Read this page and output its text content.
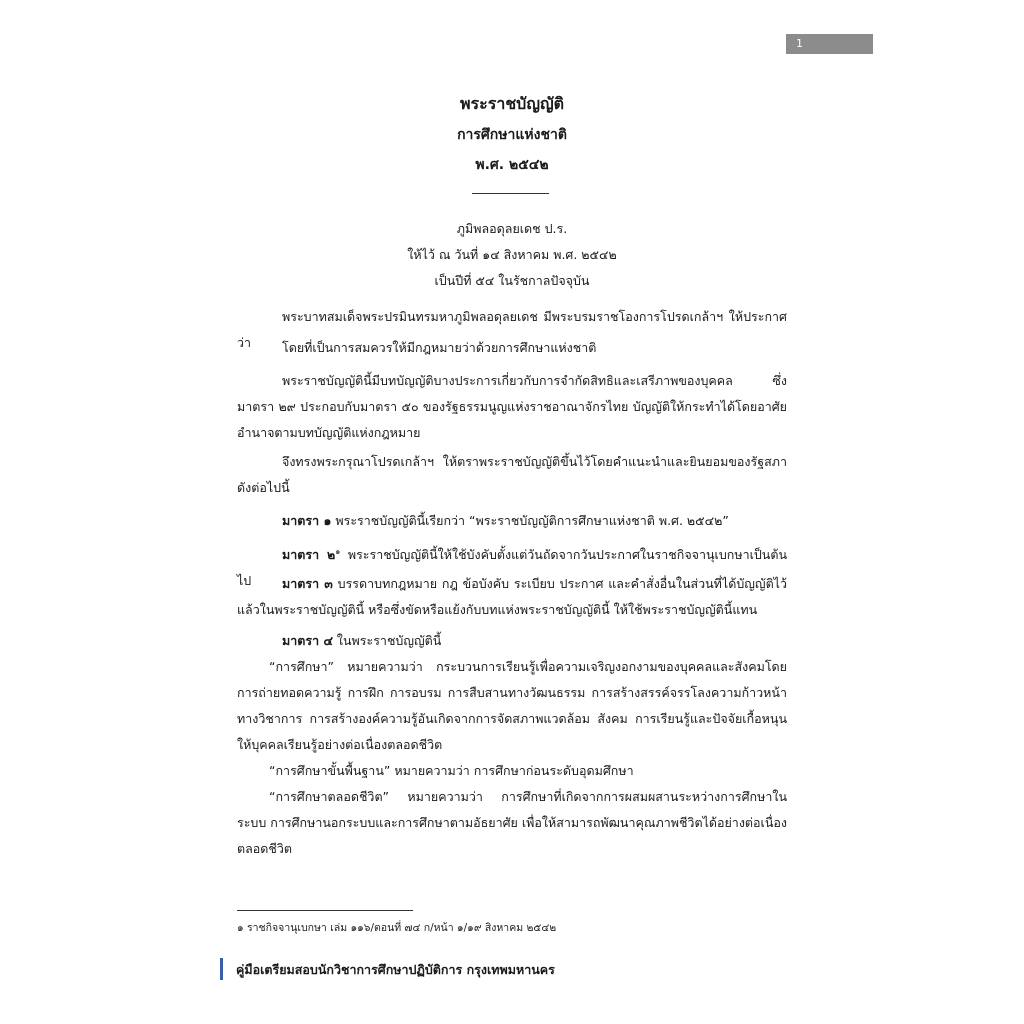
1
พระราชบัญญัติ
การศึกษาแห่งชาติ
พ.ศ. ๒๕๔๒
ภูมิพลอดุลยเดช ป.ร.
ให้ไว้ ณ วันที่ ๑๔ สิงหาคม พ.ศ. ๒๕๔๒
เป็นปีที่ ๕๔ ในรัชกาลปัจจุบัน

พระบาทสมเด็จพระปรมินทรมหาภูมิพลอดุลยเดช มีพระบรมราชโองการโปรดเกล้าฯ ให้ประกาศว่า	โดยที่เป็นการสมควรให้มีกฎหมายว่าด้วยการศึกษาแห่งชาติ

พระราชบัญญัตินี้มีบทบัญญัติบางประการเกี่ยวกับการจำกัดสิทธิและเสรีภาพของบุคคล ซึ่งมาตรา ๒๙ ประกอบกับมาตรา ๕๐ ของรัฐธรรมนูญแห่งราชอาณาจักรไทย บัญญัติให้กระทำได้โดยอาศัยอำนาจตามบทบัญญัติแห่งกฎหมาย

จึงทรงพระกรุณาโปรดเกล้าฯ ให้ตราพระราชบัญญัติขึ้นไว้โดยคำแนะนำและยินยอมของรัฐสภา ดังต่อไปนี้

มาตรา ๑ พระราชบัญญัตินี้เรียกว่า “พระราชบัญญัติการศึกษาแห่งชาติ พ.ศ. ๒๕๔๒”

มาตรา ๒$^๑$ พระราชบัญญัตินี้ให้ใช้บังคับตั้งแต่วันถัดจากวันประกาศในราชกิจจานุเบกษาเป็นต้นไป	มาตรา ๓ บรรดาบทกฎหมาย กฎ ข้อบังคับ ระเบียบ ประกาศ และคำสั่งอื่นในส่วนที่ได้บัญญัติไว้แล้วในพระราชบัญญัตินี้ หรือซึ่งขัดหรือแย้งกับบทแห่งพระราชบัญญัตินี้ ให้ใช้พระราชบัญญัตินี้แทน

มาตรา ๔ ในพระราชบัญญัตินี้

“การศึกษา” หมายความว่า กระบวนการเรียนรู้เพื่อความเจริญงอกงามของบุคคลและสังคมโดยการถ่ายทอดความรู้ การฝึก การอบรม การสืบสานทางวัฒนธรรม การสร้างสรรค์จรรโลงความก้าวหน้าทางวิชาการ การสร้างองค์ความรู้อันเกิดจากการจัดสภาพแวดล้อม สังคม การเรียนรู้และปัจจัยเกื้อหนุนให้บุคคลเรียนรู้อย่างต่อเนื่องตลอดชีวิต

“การศึกษาขั้นพื้นฐาน” หมายความว่า การศึกษาก่อนระดับอุดมศึกษา

“การศึกษาตลอดชีวิต” หมายความว่า การศึกษาที่เกิดจากการผสมผสานระหว่างการศึกษาในระบบ การศึกษานอกระบบและการศึกษาตามอัธยาศัย เพื่อให้สามารถพัฒนาคุณภาพชีวิตได้อย่างต่อเนื่องตลอดชีวิต

๑ ราชกิจจานุเบกษา เล่ม ๑๑๖/ตอนที่ ๗๔ ก/หน้า ๑/๑๙ สิงหาคม ๒๕๔๒
คู่มือเตรียมสอบนักวิชาการศึกษาปฏิบัติการ กรุงเทพมหานคร
